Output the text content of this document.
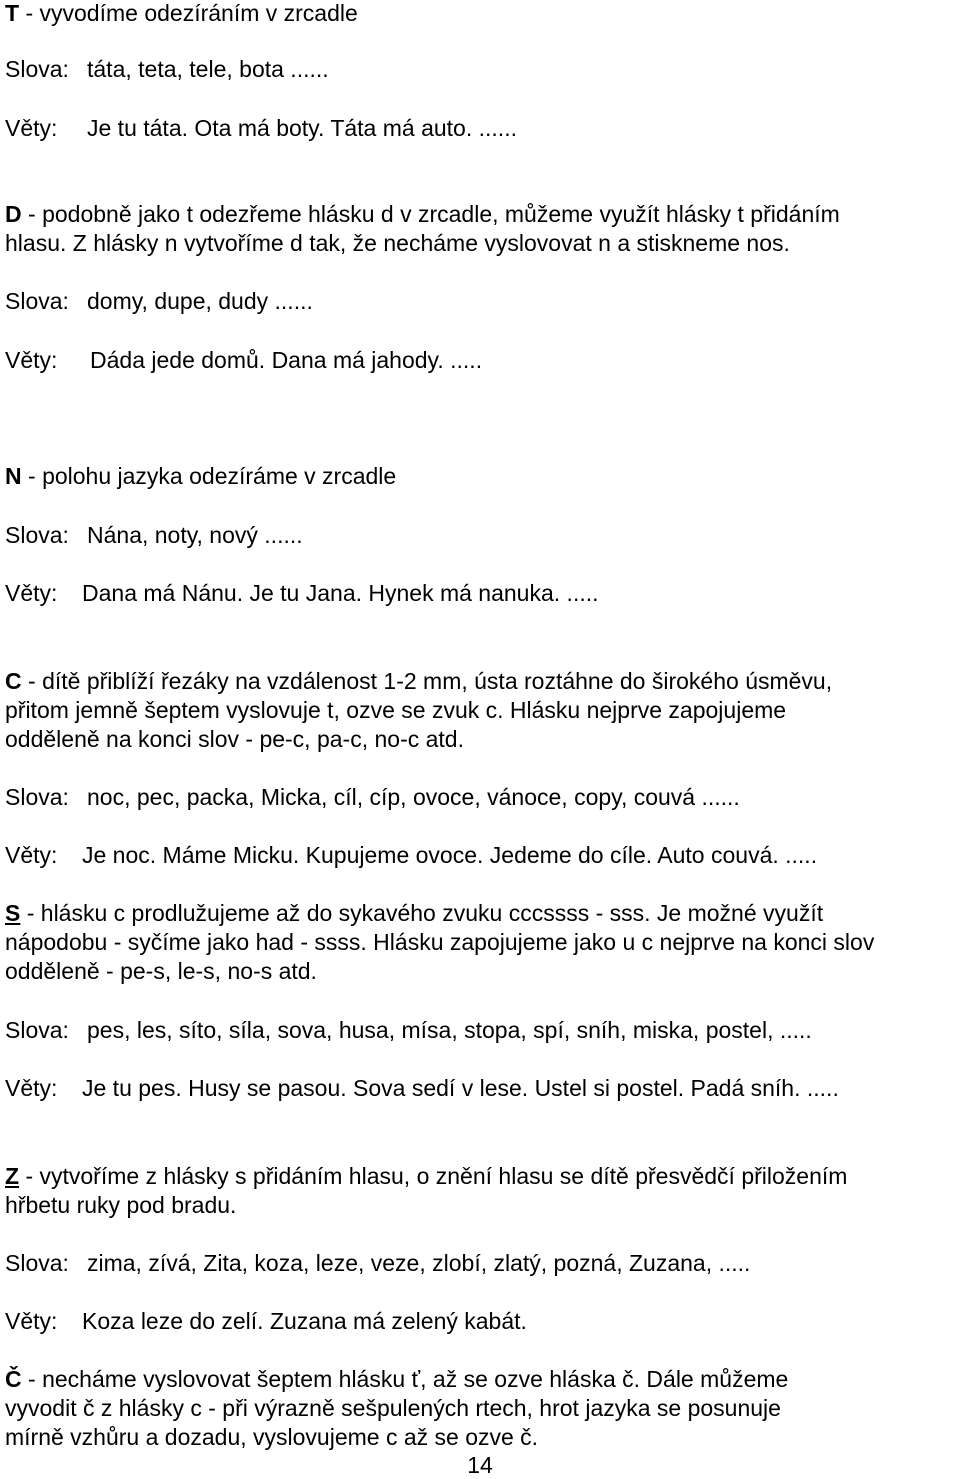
T - vyvodíme odezíráním v zrcadle
Slova: táta, teta, tele, bota ......
Věty: Je tu táta. Ota má boty. Táta má auto. ......
D - podobně jako t odezřeme hlásku d v zrcadle, můžeme využít hlásky t přidáním
hlasu. Z hlásky n vytvoříme d tak, že necháme vyslovovat n a stiskneme nos.
Slova: domy, dupe, dudy ......
Věty: Dáda jede domů. Dana má jahody. .....
N - polohu jazyka odezíráme v zrcadle
Slova: Nána, noty, nový ......
Věty: Dana má Nánu. Je tu Jana. Hynek má nanuka. .....
C - dítě přiblíží řezáky na vzdálenost 1-2 mm, ústa roztáhne do širokého úsměvu,
přitom jemně šeptem vyslovuje t, ozve se zvuk c. Hlásku nejprve zapojujeme
odděleně na konci slov - pe-c, pa-c, no-c atd.
Slova: noc, pec, packa, Micka, cíl, cíp, ovoce, vánoce, copy, couvá ......
Věty: Je noc. Máme Micku. Kupujeme ovoce. Jedeme do cíle. Auto couvá. .....
S - hlásku c prodlužujeme až do sykavého zvuku cccssss - sss. Je možné využít
nápodobu - syčíme jako had - ssss. Hlásku zapojujeme jako u c nejprve na konci slov
odděleně - pe-s, le-s, no-s atd.
Slova: pes, les, síto, síla, sova, husa, mísa, stopa, spí, sníh, miska, postel, .....
Věty: Je tu pes. Husy se pasou. Sova sedí v lese. Ustel si postel. Padá sníh. .....
Z - vytvoříme z hlásky s přidáním hlasu, o znění hlasu se dítě přesvědčí přiložením
hřbetu ruky pod bradu.
Slova: zima, zívá, Zita, koza, leze, veze, zlobí, zlatý, pozná, Zuzana, .....
Věty: Koza leze do zelí. Zuzana má zelený kabát.
Č - necháme vyslovovat šeptem hlásku ť, až se ozve hláska č. Dále můžeme
vyvodit č z hlásky c - při výrazně sešpulených rtech, hrot jazyka se posunuje
mírně vzhůru a dozadu, vyslovujeme c až se ozve č.
14
